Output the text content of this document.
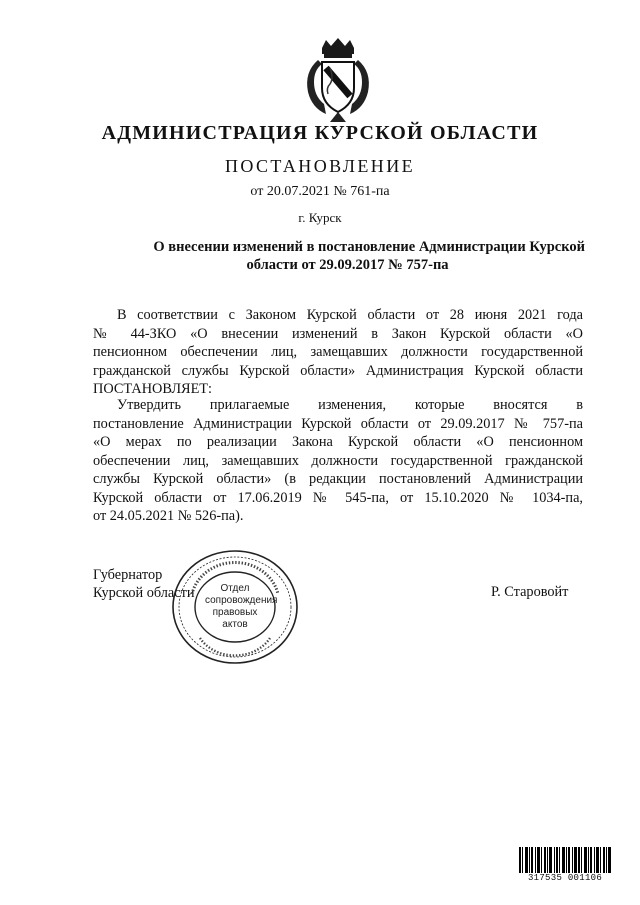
АДМИНИСТРАЦИЯ КУРСКОЙ ОБЛАСТИ
ПОСТАНОВЛЕНИЕ
от 20.07.2021 № 761-па
г. Курск
О внесении изменений в постановление Администрации Курской
области от 29.09.2017 № 757-па
В соответствии с Законом Курской области от 28 июня 2021 года
№ 44-ЗКО «О внесении изменений в Закон Курской области «О
пенсионном обеспечении лиц, замещавших должности государственной
гражданской службы Курской области» Администрация Курской области
ПОСТАНОВЛЯЕТ:
Утвердить прилагаемые изменения, которые вносятся в
постановление Администрации Курской области от 29.09.2017 № 757-па
«О мерах по реализации Закона Курской области «О пенсионном
обеспечении лиц, замещавших должности государственной гражданской
службы Курской области» (в редакции постановлений Администрации
Курской области от 17.06.2019 № 545-па, от 15.10.2020 № 1034-па,
от 24.05.2021 № 526-па).
Губернатор
Курской области	Отдел
сопровождения
правовых
актов
Р. Старовойт
317535 001106
